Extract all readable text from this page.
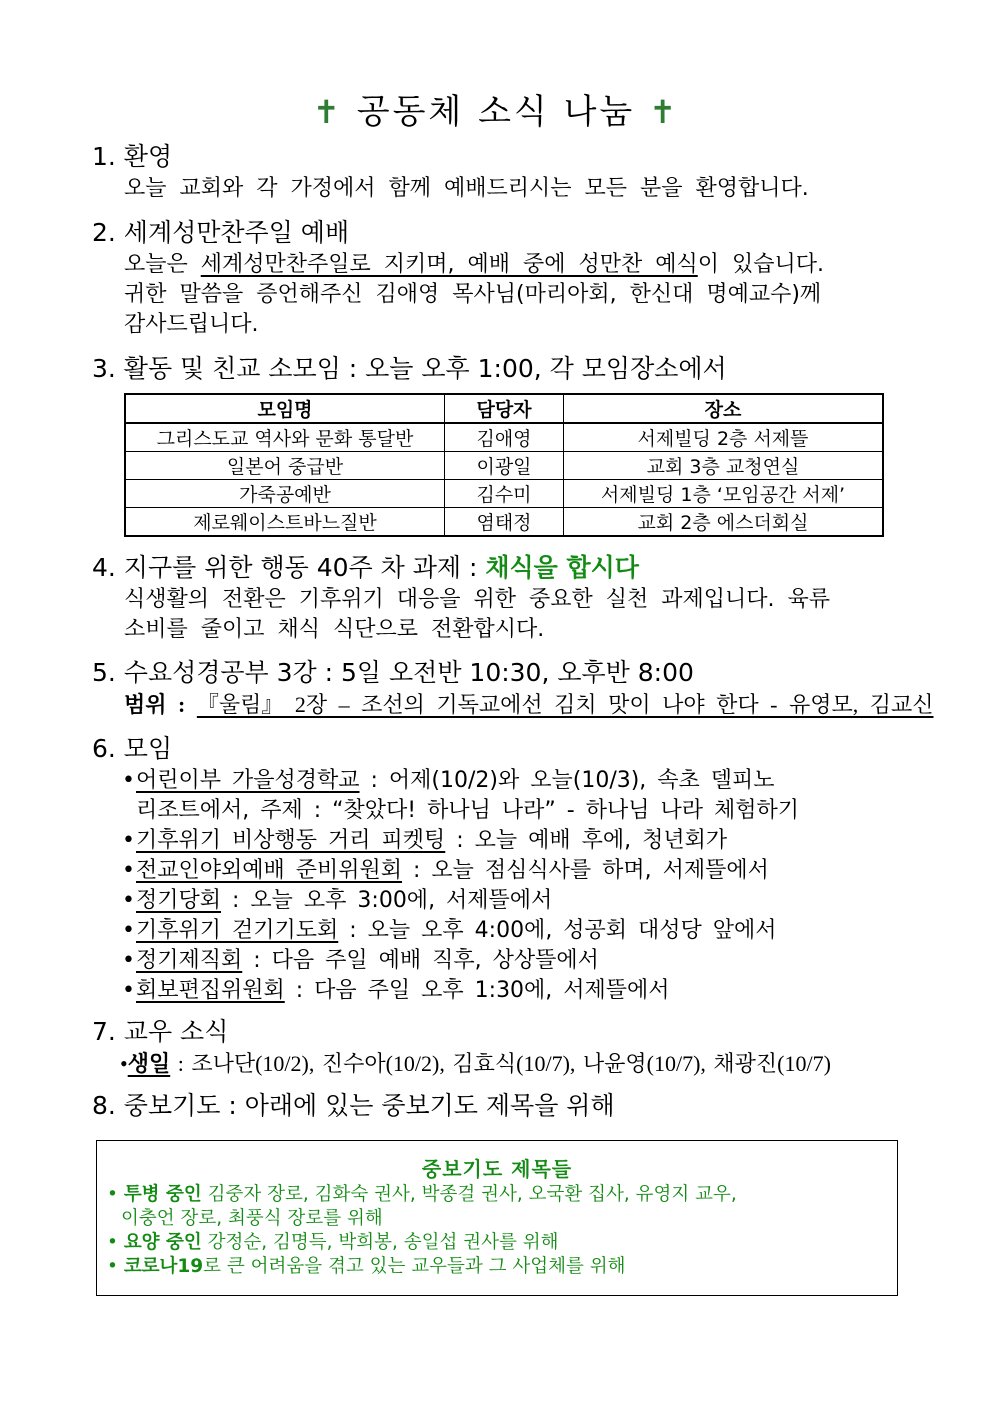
✝ 공동체 소식 나눔 ✝
1. 환영
오늘 교회와 각 가정에서 함께 예배드리시는 모든 분을 환영합니다.
2. 세계성만찬주일 예배
오늘은 세계성만찬주일로 지키며, 예배 중에 성만찬 예식이 있습니다.
귀한 말씀을 증언해주신 김애영 목사님(마리아회, 한신대 명예교수)께
감사드립니다.
3. 활동 및 친교 소모임 : 오늘 오후 1:00, 각 모임장소에서
모임명	담당자	장소
그리스도교 역사와 문화 통달반	김애영	서제빌딩 2층 서제뜰
일본어 중급반	이광일	교회 3층 교청연실
가죽공예반	김수미	서제빌딩 1층 ‘모임공간 서제’
제로웨이스트바느질반	염태정	교회 2층 에스더회실
4. 지구를 위한 행동 40주 차 과제 : 채식을 합시다
식생활의 전환은 기후위기 대응을 위한 중요한 실천 과제입니다. 육류
소비를 줄이고 채식 식단으로 전환합시다.
5. 수요성경공부 3강 : 5일 오전반 10:30, 오후반 8:00
범위 : 『울림』 2장 – 조선의 기독교에선 김치 맛이 나야 한다 - 유영모, 김교신
6. 모임
•어린이부 가을성경학교 : 어제(10/2)와 오늘(10/3), 속초 델피노
리조트에서, 주제 : “찾았다! 하나님 나라” - 하나님 나라 체험하기
•기후위기 비상행동 거리 피켓팅 : 오늘 예배 후에, 청년회가
•전교인야외예배 준비위원회 : 오늘 점심식사를 하며, 서제뜰에서
•정기당회 : 오늘 오후 3:00에, 서제뜰에서
•기후위기 걷기기도회 : 오늘 오후 4:00에, 성공회 대성당 앞에서
•정기제직회 : 다음 주일 예배 직후, 상상뜰에서
•회보편집위원회 : 다음 주일 오후 1:30에, 서제뜰에서
7. 교우 소식
•생일 : 조나단(10/2), 진수아(10/2), 김효식(10/7), 나윤영(10/7), 채광진(10/7)
8. 중보기도 : 아래에 있는 중보기도 제목을 위해
중보기도 제목들
• 투병 중인 김중자 장로, 김화숙 권사, 박종걸 권사, 오국환 집사, 유영지 교우,
이충언 장로, 최풍식 장로를 위해
• 요양 중인 강정순, 김명득, 박희봉, 송일섭 권사를 위해
• 코로나19로 큰 어려움을 겪고 있는 교우들과 그 사업체를 위해
